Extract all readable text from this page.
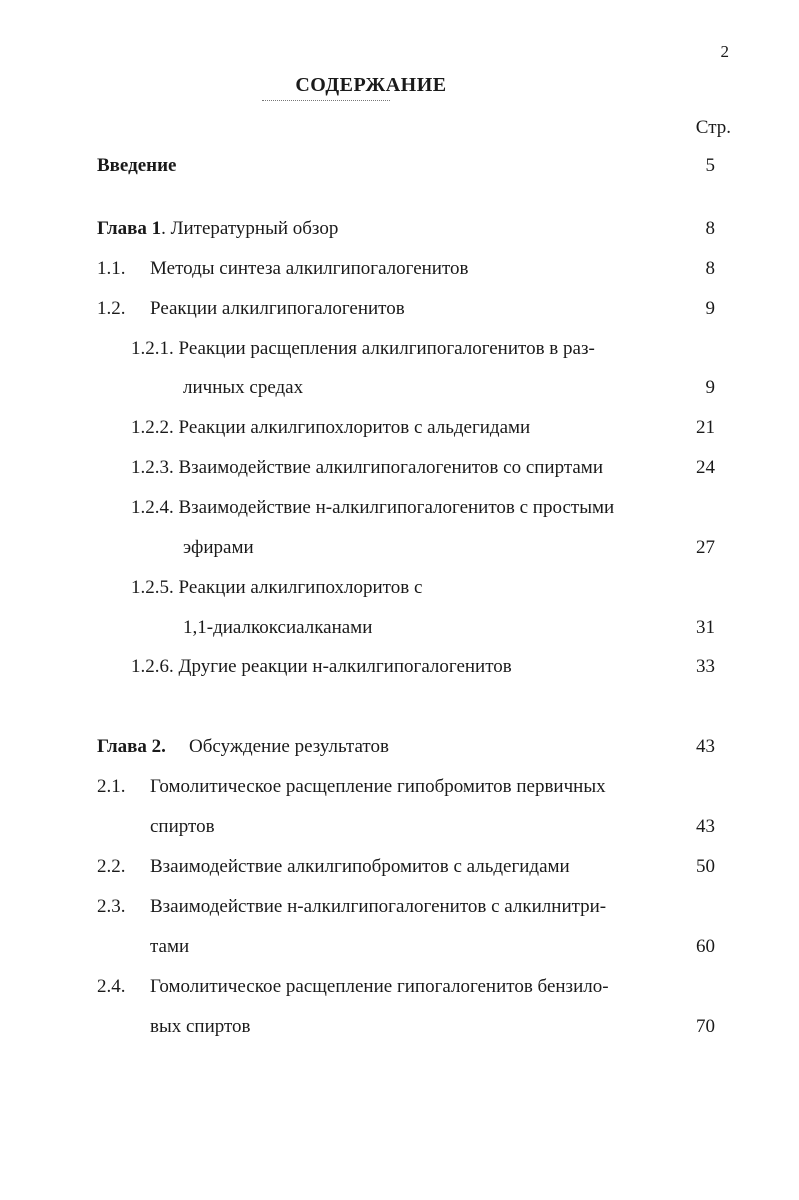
2
СОДЕРЖАНИЕ
Стр.
Введение	5
Глава 1. Литературный обзор	8
1.1. Методы синтеза алкилгипогалогенитов	8
1.2. Реакции алкилгипогалогенитов	9
1.2.1. Реакции расщепления алкилгипогалогенитов в раз-
личных средах	9
1.2.2. Реакции алкилгипохлоритов с альдегидами	21
1.2.3. Взаимодействие алкилгипогалогенитов со спиртами	24
1.2.4. Взаимодействие н-алкилгипогалогенитов с простыми
эфирами	27
1.2.5. Реакции алкилгипохлоритов с
1,1-диалкоксиалканами	31
1.2.6. Другие реакции н-алкилгипогалогенитов	33
Глава 2. Обсуждение результатов	43
2.1. Гомолитическое расщепление гипобромитов первичных
спиртов	43
2.2. Взаимодействие алкилгипобромитов с альдегидами	50
2.3. Взаимодействие н-алкилгипогалогенитов с алкилнитри-
тами	60
2.4. Гомолитическое расщепление гипогалогенитов бензило-
вых спиртов	70
